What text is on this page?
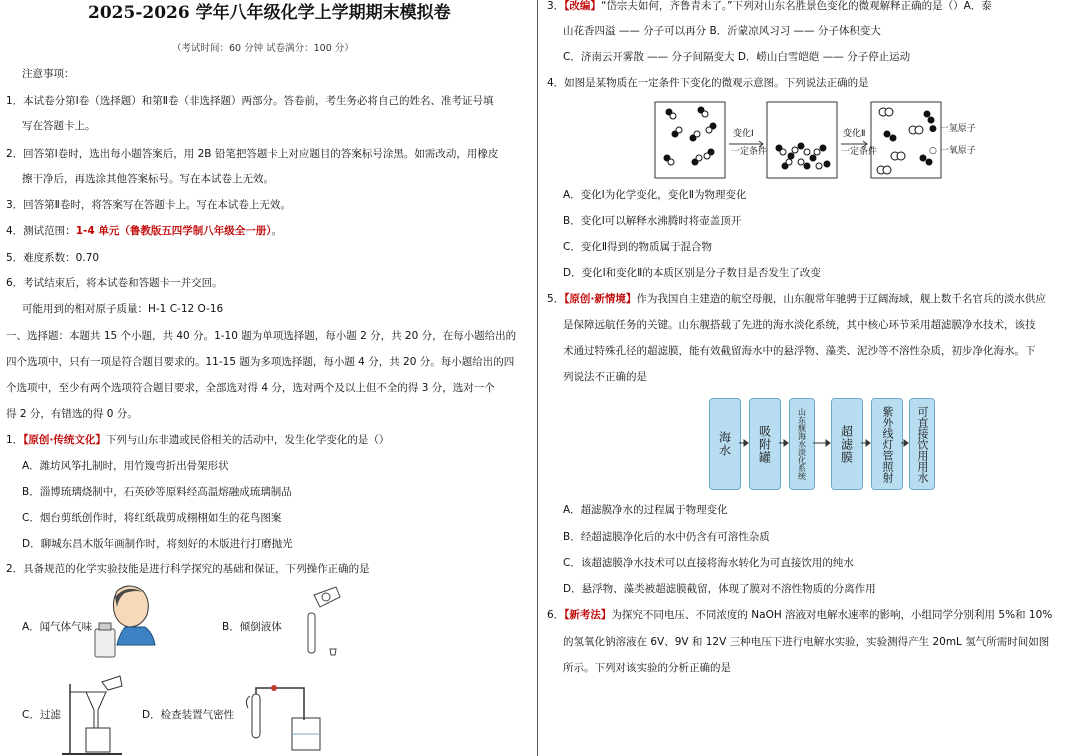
2025-2026 学年八年级化学上学期期末模拟卷
（考试时间：60 分钟 试卷满分：100 分）
注意事项：
1．本试卷分第Ⅰ卷（选择题）和第Ⅱ卷（非选择题）两部分。答卷前，考生务必将自己的姓名、准考证号填
写在答题卡上。
2．回答第Ⅰ卷时，选出每小题答案后，用 2B 铅笔把答题卡上对应题目的答案标号涂黑。如需改动，用橡皮
擦干净后，再选涂其他答案标号。写在本试卷上无效。
3．回答第Ⅱ卷时，将答案写在答题卡上。写在本试卷上无效。
4．测试范围：1-4 单元（鲁教版五四学制八年级全一册）。
5．难度系数：0.70
6．考试结束后，将本试卷和答题卡一并交回。
可能用到的相对原子质量：H-1 C-12 O-16
一、选择题：本题共 15 个小题，共 40 分。1-10 题为单项选择题，每小题 2 分，共 20 分，在每小题给出的
四个选项中，只有一项是符合题目要求的。11-15 题为多项选择题，每小题 4 分，共 20 分。每小题给出的四
个选项中，至少有两个选项符合题目要求，全部选对得 4 分，选对两个及以上但不全的得 3 分，选对一个
得 2 分，有错选的得 0 分。
1．【原创·传统文化】下列与山东非遗或民俗相关的活动中，发生化学变化的是（）
A．潍坊风筝扎制时，用竹篾弯折出骨架形状
B．淄博琉璃烧制中，石英砂等原料经高温熔融成琉璃制品
C．烟台剪纸创作时，将红纸裁剪成栩栩如生的花鸟图案
D．聊城东昌木版年画制作时，将刻好的木版进行打磨抛光
2．具备规范的化学实验技能是进行科学探究的基础和保证，下列操作正确的是
A．闻气体气味	B．倾倒液体
C．过滤	D．检查装置气密性
3．【改编】“岱宗夫如何，齐鲁青未了。”下列对山东名胜景色变化的微观解释正确的是（）A．泰
山花香四溢 —— 分子可以再分 B．沂蒙凉风习习 —— 分子体积变大
C．济南云开雾散 —— 分子间隔变大 D．崂山白雪皑皑 —— 分子停止运动
4．如图是某物质在一定条件下变化的微观示意图。下列说法正确的是
变化Ⅰ
一定条件
变化Ⅱ
一定条件
● 一氢原子
○ 一氧原子
A．变化Ⅰ为化学变化，变化Ⅱ为物理变化
B．变化Ⅰ可以解释水沸腾时将壶盖顶开
C．变化Ⅱ得到的物质属于混合物
D．变化Ⅰ和变化Ⅱ的本质区别是分子数目是否发生了改变
5．【原创·新情境】作为我国自主建造的航空母舰，山东舰常年驰骋于辽阔海域，舰上数千名官兵的淡水供应
是保障远航任务的关键。山东舰搭载了先进的海水淡化系统，其中核心环节采用超滤膜净水技术，该技
术通过特殊孔径的超滤膜，能有效截留海水中的悬浮物、藻类、泥沙等不溶性杂质，初步净化海水。下
列说法不正确的是
海水	吸附罐	山东舰海水淡化系统	超滤膜	紫外线灯管照射	可直接饮用用水
A．超滤膜净水的过程属于物理变化
B．经超滤膜净化后的水中仍含有可溶性杂质
C．该超滤膜净水技术可以直接将海水转化为可直接饮用的纯水
D．悬浮物、藻类被超滤膜截留，体现了膜对不溶性物质的分离作用
6．【新考法】为探究不同电压、不同浓度的 NaOH 溶液对电解水速率的影响，小组同学分别利用 5%和 10%
的氢氧化钠溶液在 6V、9V 和 12V 三种电压下进行电解水实验，实验测得产生 20mL 氢气所需时间如图
所示。下列对该实验的分析正确的是
